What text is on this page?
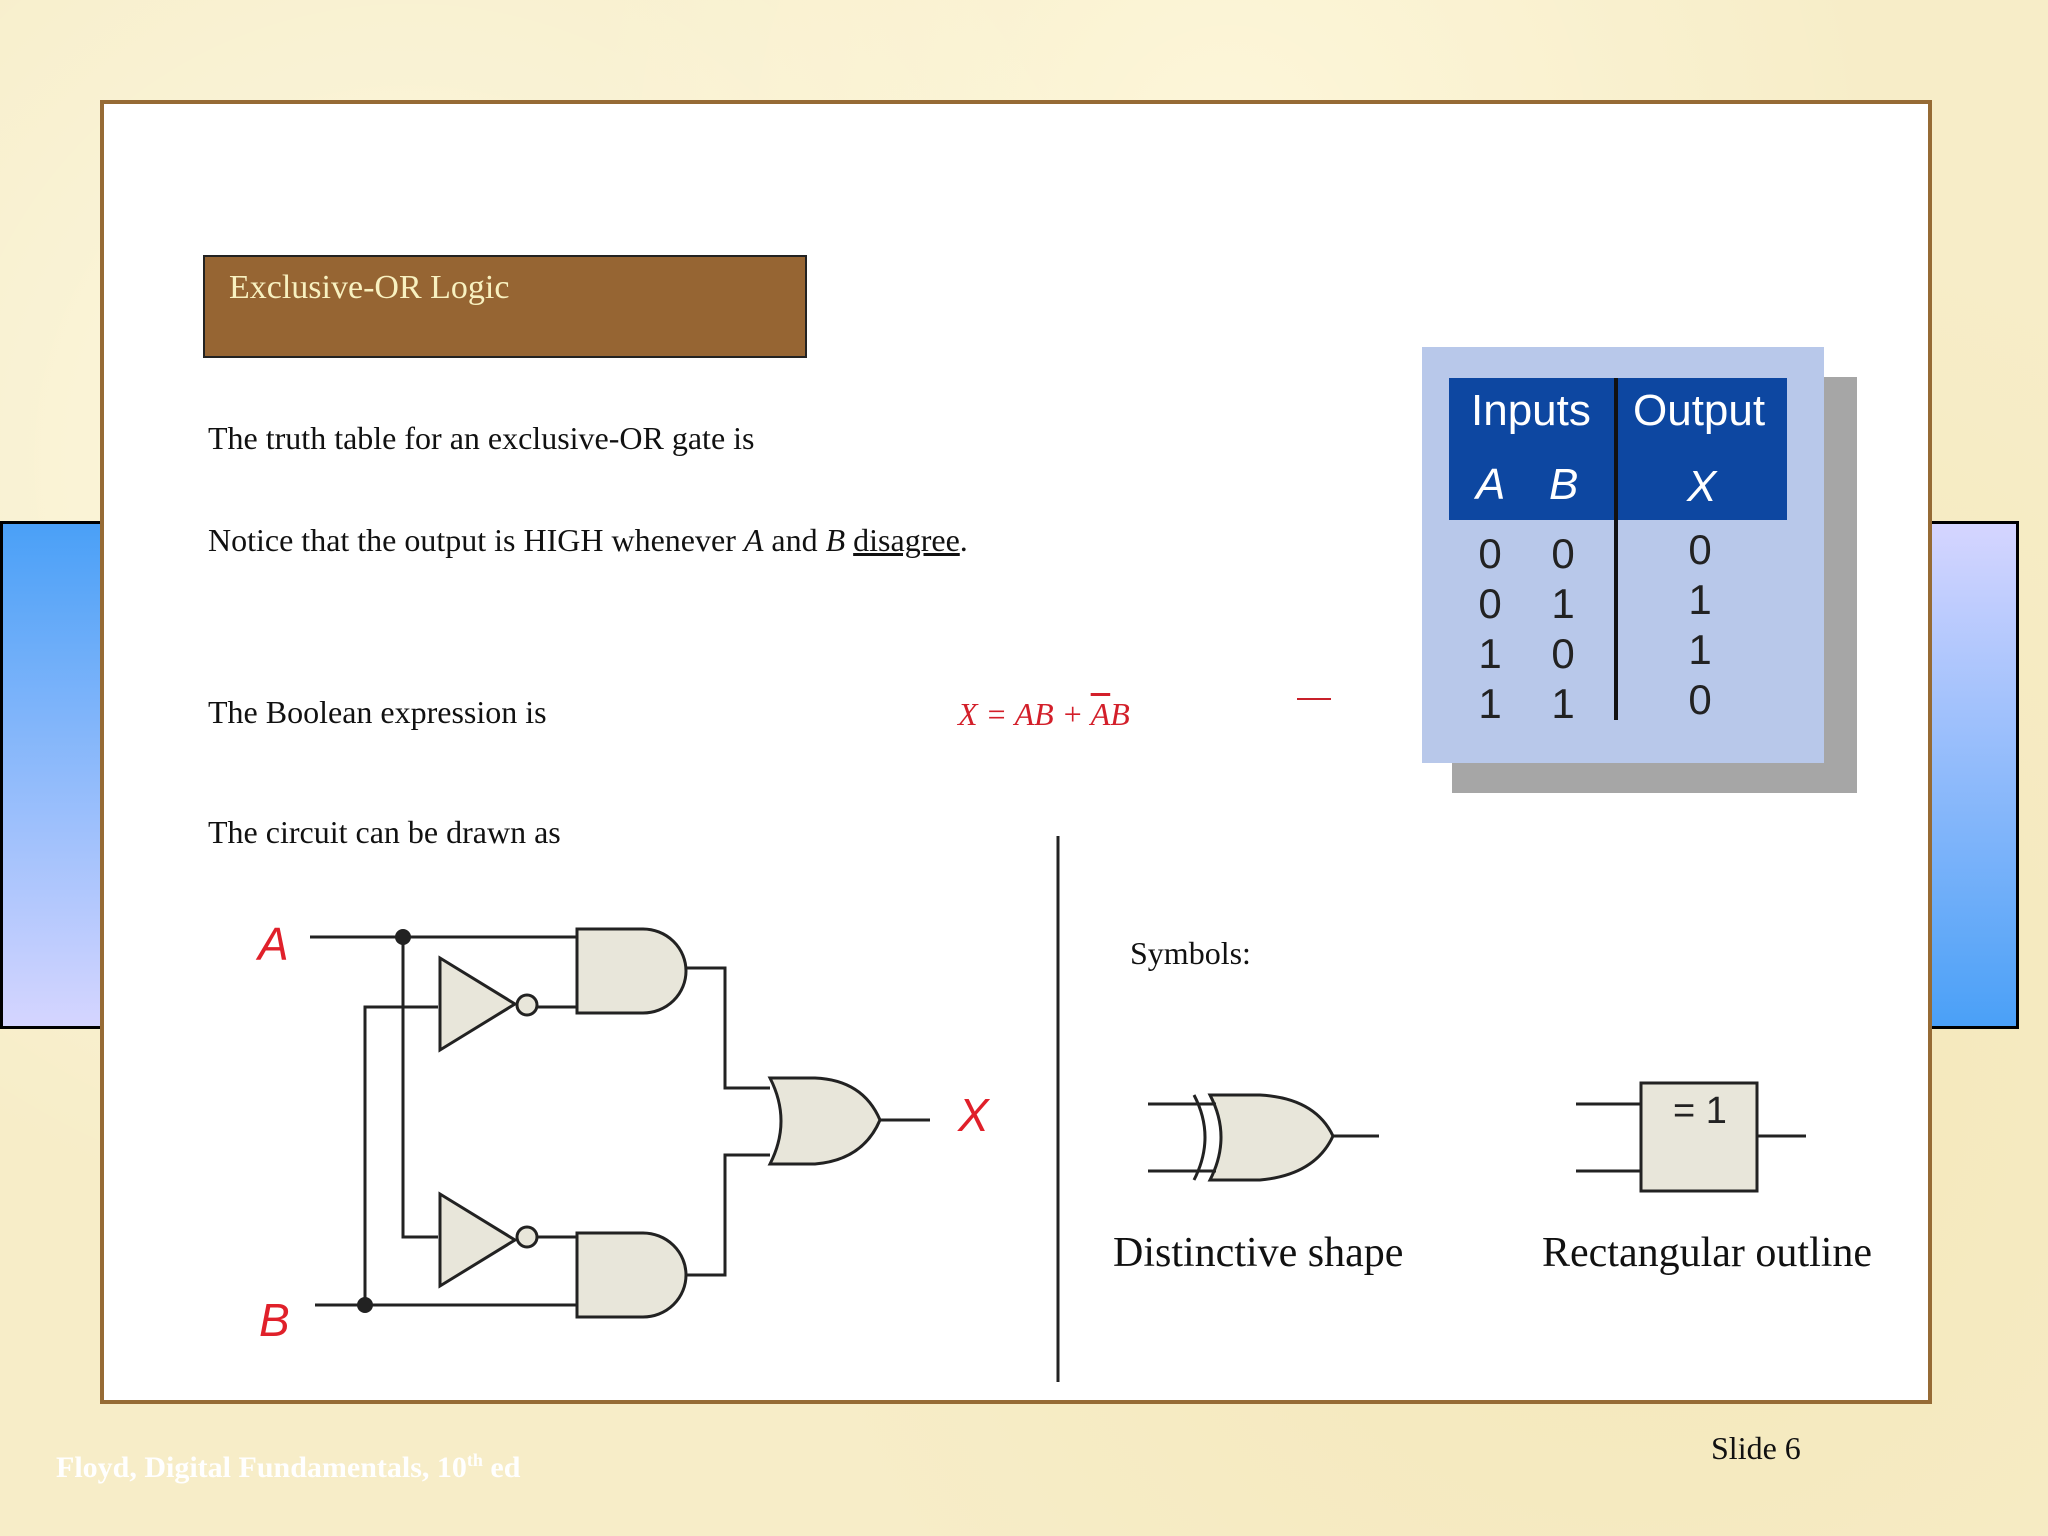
Exclusive-OR Logic
The truth table for an exclusive-OR gate is
Notice that the output is HIGH whenever A and B disagree.
The Boolean expression is	X = AB + $\overline{A}B$
The circuit can be drawn as
Symbols:
Inputs Output
A B X
0 0	0
0 1	1
1 0	1
1 1	0
A
B
X	= 1
Distinctive shape	Rectangular outline
Slide 6
Floyd, Digital Fundamentals, 10th ed
